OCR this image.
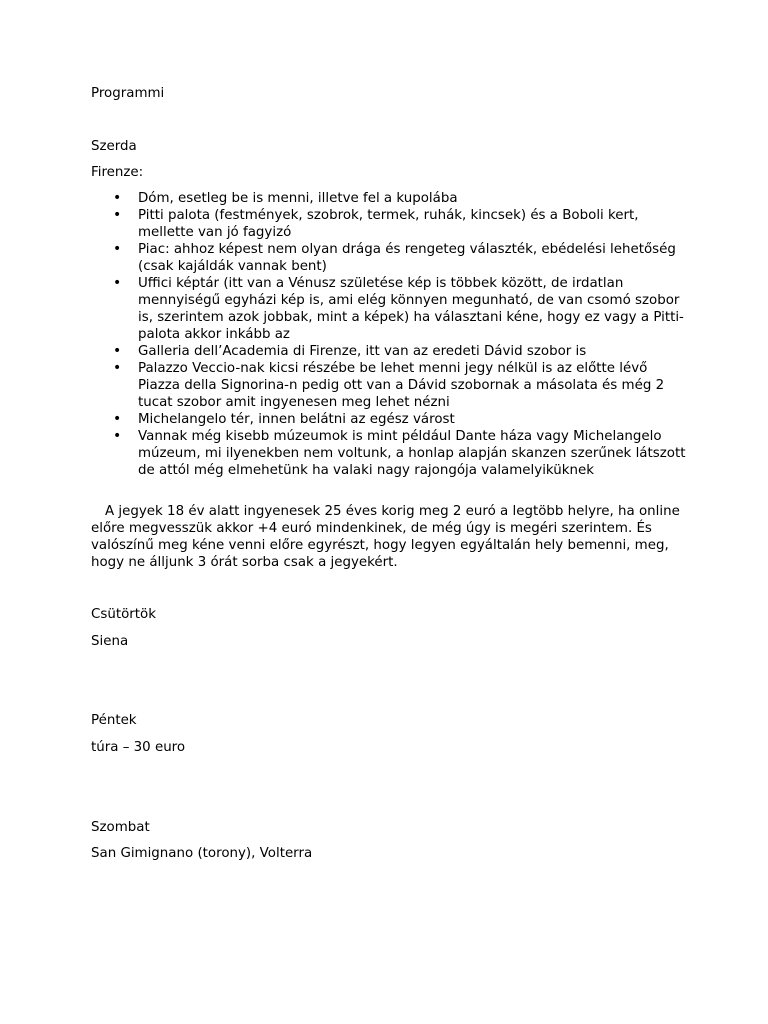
Programmi
Szerda
Firenze:
• Dóm, esetleg be is menni, illetve fel a kupolába
• Pitti palota (festmények, szobrok, termek, ruhák, kincsek) és a Boboli kert, mellette van jó fagyizó
• Piac: ahhoz képest nem olyan drága és rengeteg választék, ebédelési lehetőség (csak kajáldák vannak bent)
• Uffici képtár (itt van a Vénusz születése kép is többek között, de irdatlan mennyiségű egyházi kép is, ami elég könnyen megunható, de van csomó szobor is, szerintem azok jobbak, mint a képek) ha választani kéne, hogy ez vagy a Pitti-palota akkor inkább az
• Galleria dell’Academia di Firenze, itt van az eredeti Dávid szobor is
• Palazzo Veccio-nak kicsi részébe be lehet menni jegy nélkül is az előtte lévő Piazza della Signorina-n pedig ott van a Dávid szobornak a másolata és még 2 tucat szobor amit ingyenesen meg lehet nézni
• Michelangelo tér, innen belátni az egész várost
• Vannak még kisebb múzeumok is mint például Dante háza vagy Michelangelo múzeum, mi ilyenekben nem voltunk, a honlap alapján skanzen szerűnek látszott de attól még elmehetünk ha valaki nagy rajongója valamelyiküknek
A jegyek 18 év alatt ingyenesek 25 éves korig meg 2 euró a legtöbb helyre, ha online előre megvesszük akkor +4 euró mindenkinek, de még úgy is megéri szerintem. És valószínű meg kéne venni előre egyrészt, hogy legyen egyáltalán hely bemenni, meg, hogy ne álljunk 3 órát sorba csak a jegyekért.
Csütörtök
Siena
Péntek
túra – 30 euro
Szombat
San Gimignano (torony), Volterra
